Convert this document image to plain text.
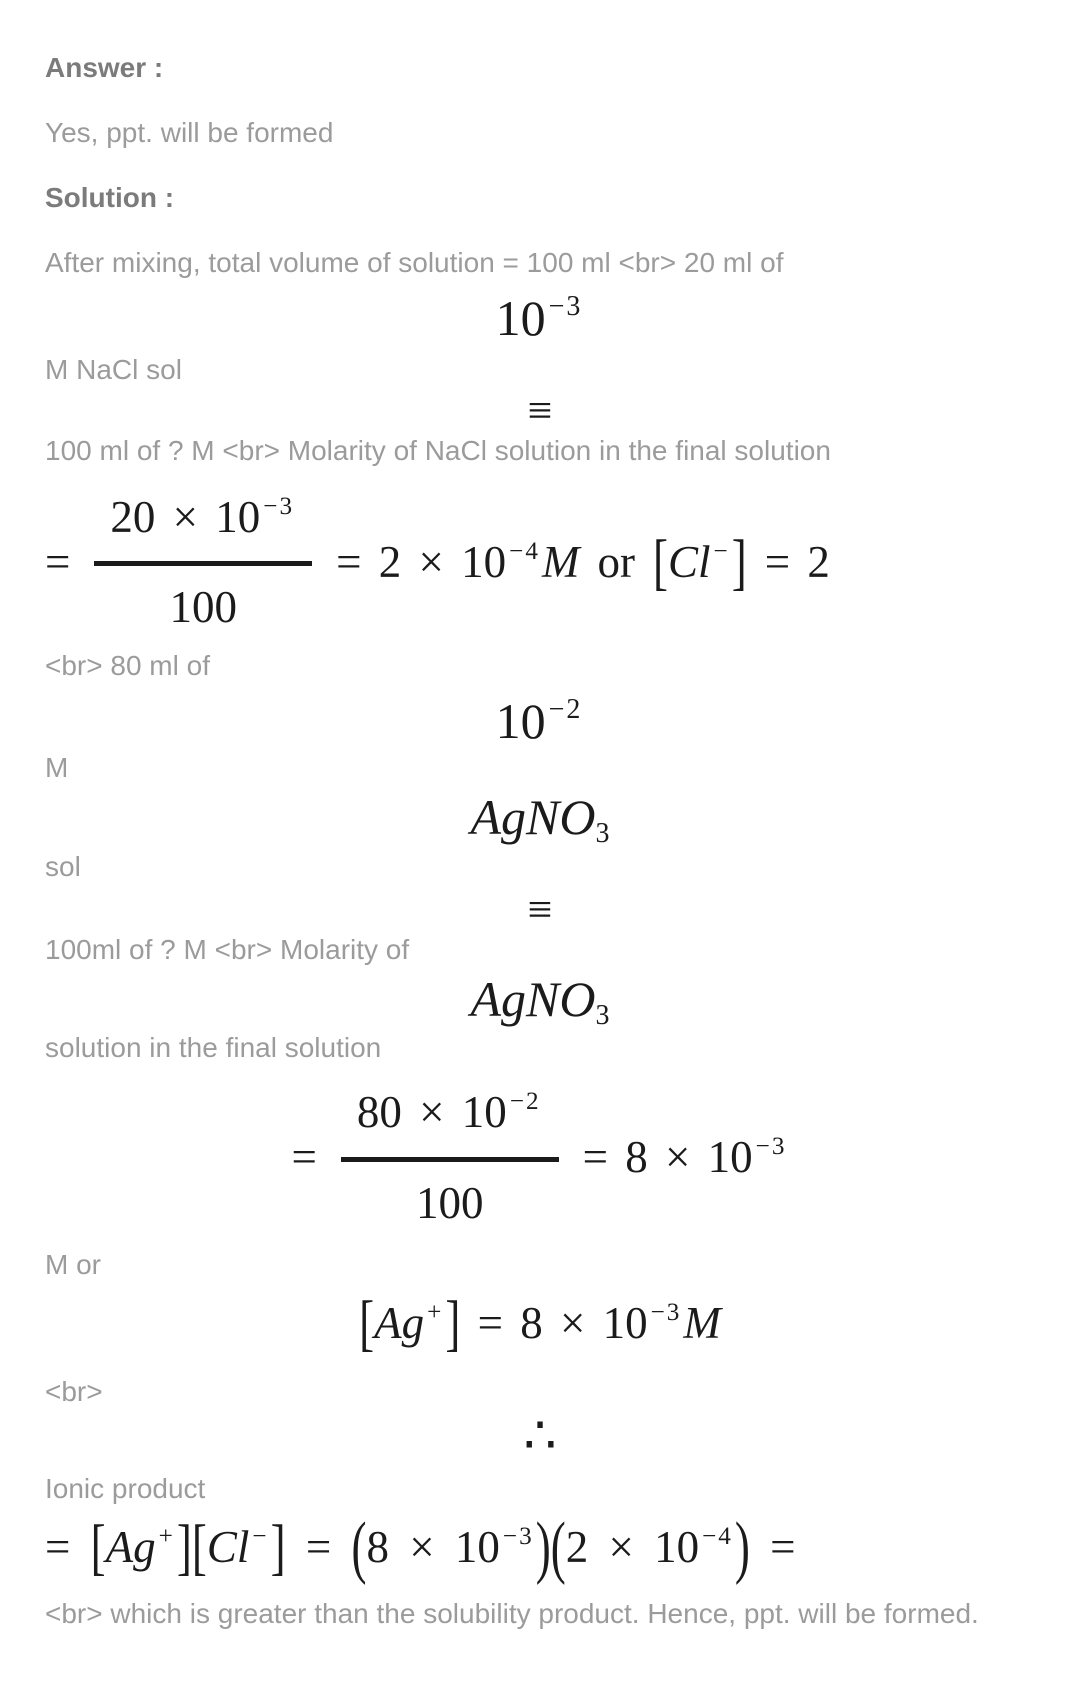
Answer :

Yes, ppt. will be formed

Solution :

After mixing, total volume of solution = 100 ml <br> 20 ml of

10 −3

M NaCl sol

≡

100 ml of ? M <br> Molarity of NaCl solution in the final solution

= $\frac{20 \times 10 -3}{100} = 2 \times 10 -4M$ or [Cl −] = 2

<br> 80 ml of

10 −2

M

AgNO3

sol

≡

100ml of ? M <br> Molarity of

AgNO3

solution in the final solution

= $\frac{80 \times 10 -2}{100} = 8 \times 10 -3$

M or

[Ag +] = 8 × 10 −3M

<br>

∴

Ionic product

= [Ag +][Cl −] = (8 × 10 −3)(2 × 10 −4) =

<br> which is greater than the solubility product. Hence, ppt. will be formed.
